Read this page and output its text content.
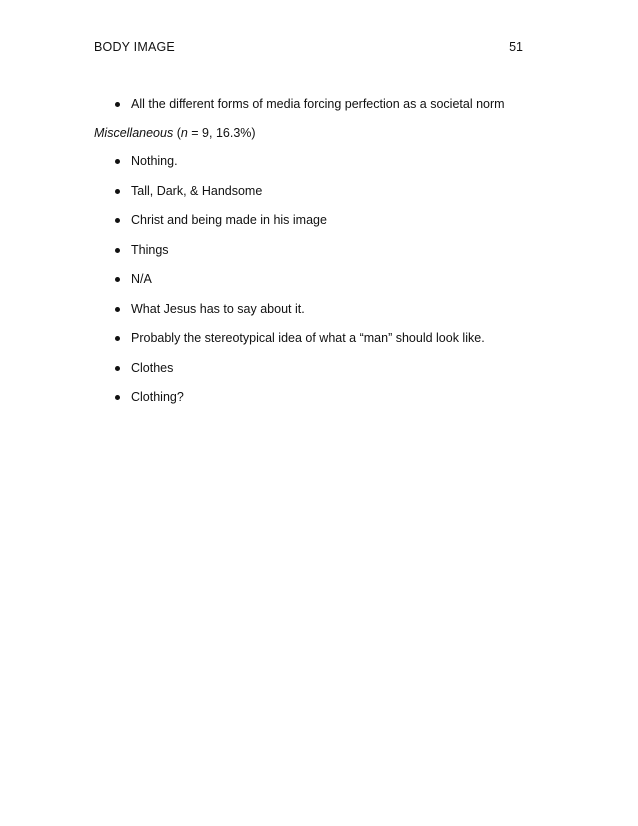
BODY IMAGE	51
All the different forms of media forcing perfection as a societal norm
Miscellaneous (n = 9, 16.3%)
Nothing.
Tall, Dark, & Handsome
Christ and being made in his image
Things
N/A
What Jesus has to say about it.
Probably the stereotypical idea of what a “man” should look like.
Clothes
Clothing?
